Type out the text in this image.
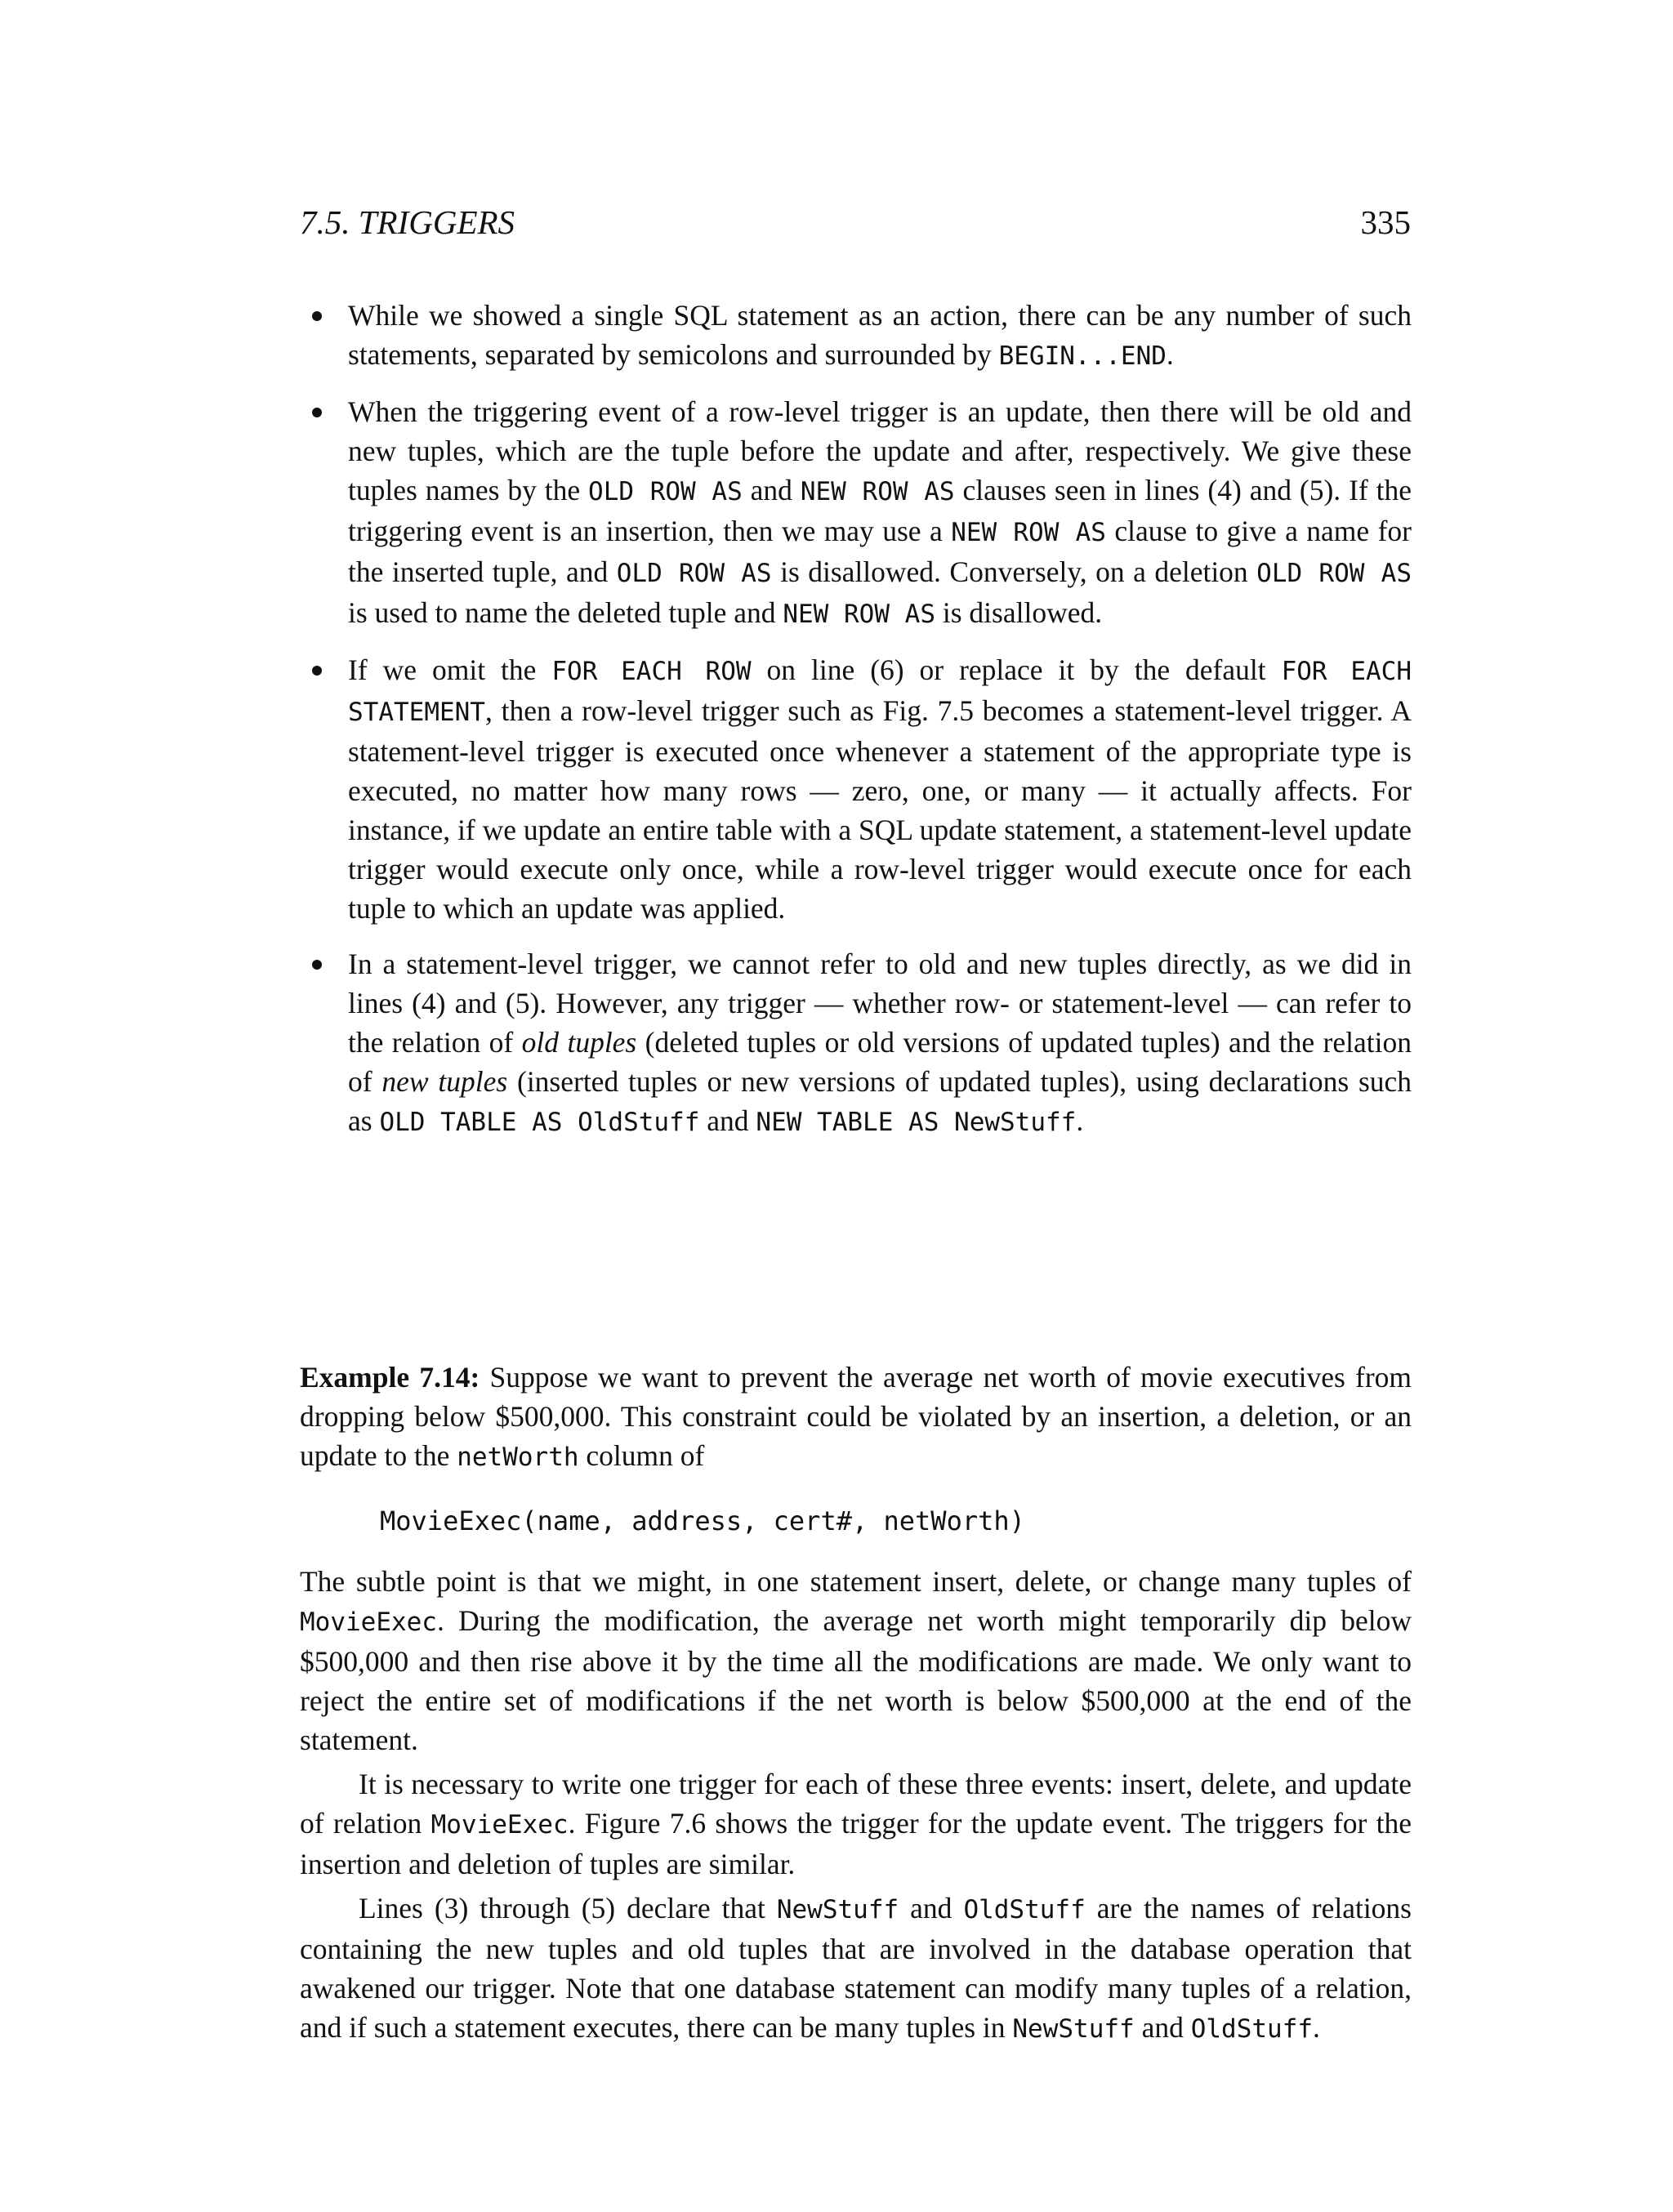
7.5. TRIGGERS	335
While we showed a single SQL statement as an action, there can be any number of such statements, separated by semicolons and surrounded by BEGIN...END.
When the triggering event of a row-level trigger is an update, then there will be old and new tuples, which are the tuple before the update and after, respectively. We give these tuples names by the OLD ROW AS and NEW ROW AS clauses seen in lines (4) and (5). If the triggering event is an insertion, then we may use a NEW ROW AS clause to give a name for the inserted tuple, and OLD ROW AS is disallowed. Conversely, on a deletion OLD ROW AS is used to name the deleted tuple and NEW ROW AS is disallowed.
If we omit the FOR EACH ROW on line (6) or replace it by the default FOR EACH STATEMENT, then a row-level trigger such as Fig. 7.5 becomes a statement-level trigger. A statement-level trigger is executed once whenever a statement of the appropriate type is executed, no matter how many rows — zero, one, or many — it actually affects. For instance, if we update an entire table with a SQL update statement, a statement-level update trigger would execute only once, while a row-level trigger would execute once for each tuple to which an update was applied.
In a statement-level trigger, we cannot refer to old and new tuples directly, as we did in lines (4) and (5). However, any trigger — whether row- or statement-level — can refer to the relation of old tuples (deleted tuples or old versions of updated tuples) and the relation of new tuples (inserted tuples or new versions of updated tuples), using declarations such as OLD TABLE AS OldStuff and NEW TABLE AS NewStuff.
Example 7.14: Suppose we want to prevent the average net worth of movie executives from dropping below $500,000. This constraint could be violated by an insertion, a deletion, or an update to the netWorth column of
MovieExec(name, address, cert#, netWorth)

The subtle point is that we might, in one statement insert, delete, or change many tuples of MovieExec. During the modification, the average net worth might temporarily dip below $500,000 and then rise above it by the time all the modifications are made. We only want to reject the entire set of modifications if the net worth is below $500,000 at the end of the statement.

It is necessary to write one trigger for each of these three events: insert, delete, and update of relation MovieExec. Figure 7.6 shows the trigger for the update event. The triggers for the insertion and deletion of tuples are similar.

Lines (3) through (5) declare that NewStuff and OldStuff are the names of relations containing the new tuples and old tuples that are involved in the database operation that awakened our trigger. Note that one database statement can modify many tuples of a relation, and if such a statement executes, there can be many tuples in NewStuff and OldStuff.
